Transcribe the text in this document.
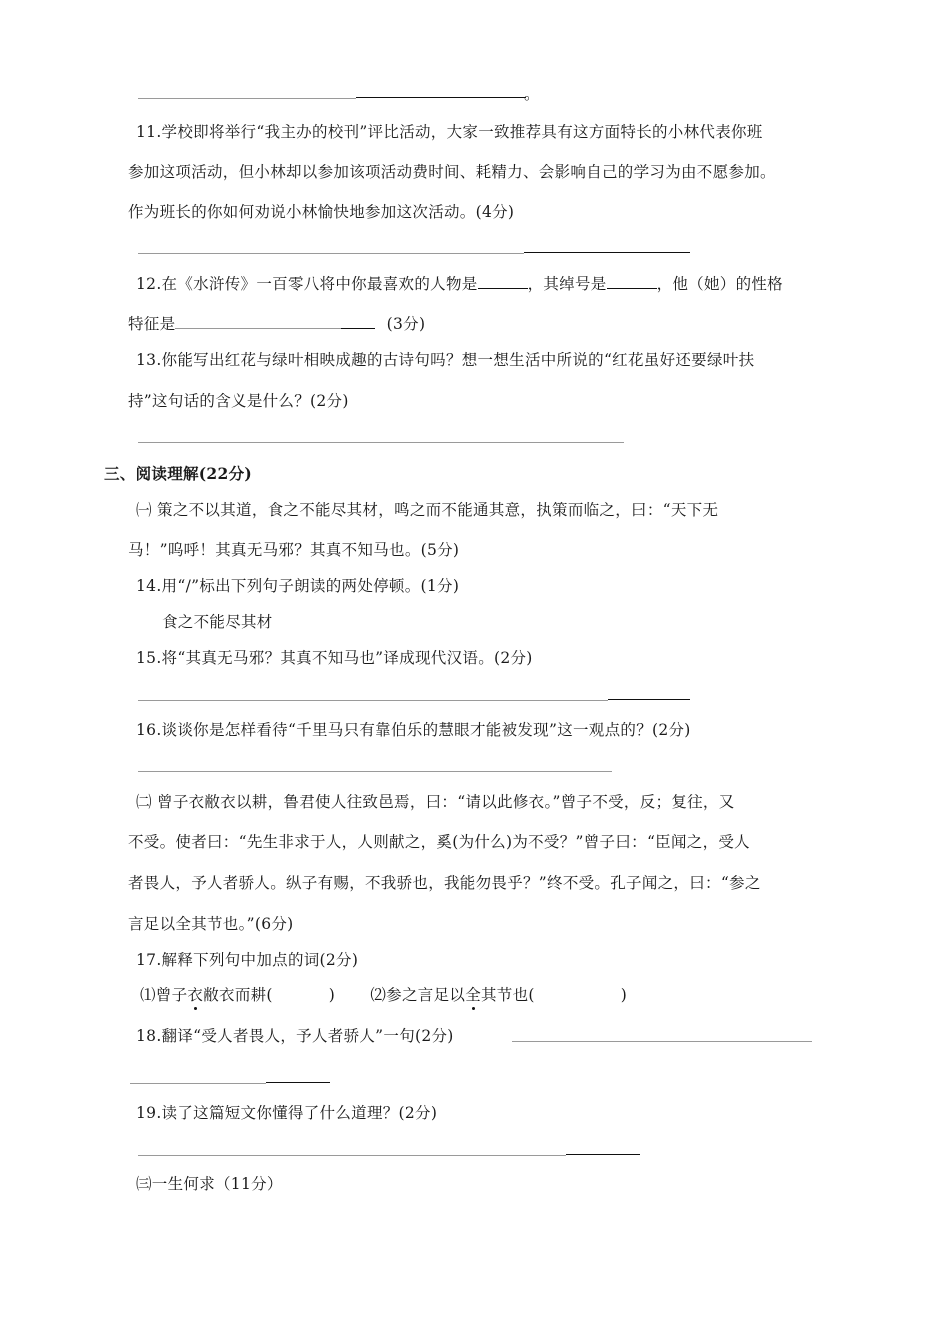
。
11.学校即将举行“我主办的校刊”评比活动，大家一致推荐具有这方面特长的小林代表你班
参加这项活动，但小林却以参加该项活动费时间、耗精力、会影响自己的学习为由不愿参加。
作为班长的你如何劝说小林愉快地参加这次活动。(4分)
12.在《水浒传》一百零八将中你最喜欢的人物是	，其绰号是	，他（她）的性格
特征是	(3分)
13.你能写出红花与绿叶相映成趣的古诗句吗？想一想生活中所说的“红花虽好还要绿叶扶
持”这句话的含义是什么？(2分)
三、阅读理解(22分)
㈠ 策之不以其道，食之不能尽其材，鸣之而不能通其意，执策而临之，曰：“天下无
马！”呜呼！其真无马邪？其真不知马也。(5分)
14.用“/”标出下列句子朗读的两处停顿。(1分)
食之不能尽其材
15.将“其真无马邪？其真不知马也”译成现代汉语。(2分)
16.谈谈你是怎样看待“千里马只有靠伯乐的慧眼才能被发现”这一观点的？(2分)
㈡ 曾子衣敝衣以耕，鲁君使人往致邑焉，曰：“请以此修衣。”曾子不受，反；复往，又
不受。使者曰：“先生非求于人，人则献之，奚(为什么)为不受？”曾子曰：“臣闻之，受人
者畏人，予人者骄人。纵子有赐，不我骄也，我能勿畏乎？”终不受。孔子闻之，曰：“参之
言足以全其节也。”(6分)
17.解释下列句中加点的词(2分)
⑴曾子衣敝衣而耕(	) ⑵参之言足以全其节也(	)
18.翻译“受人者畏人，予人者骄人”一句(2分)
19.读了这篇短文你懂得了什么道理？(2分)
㈢一生何求（11分）
